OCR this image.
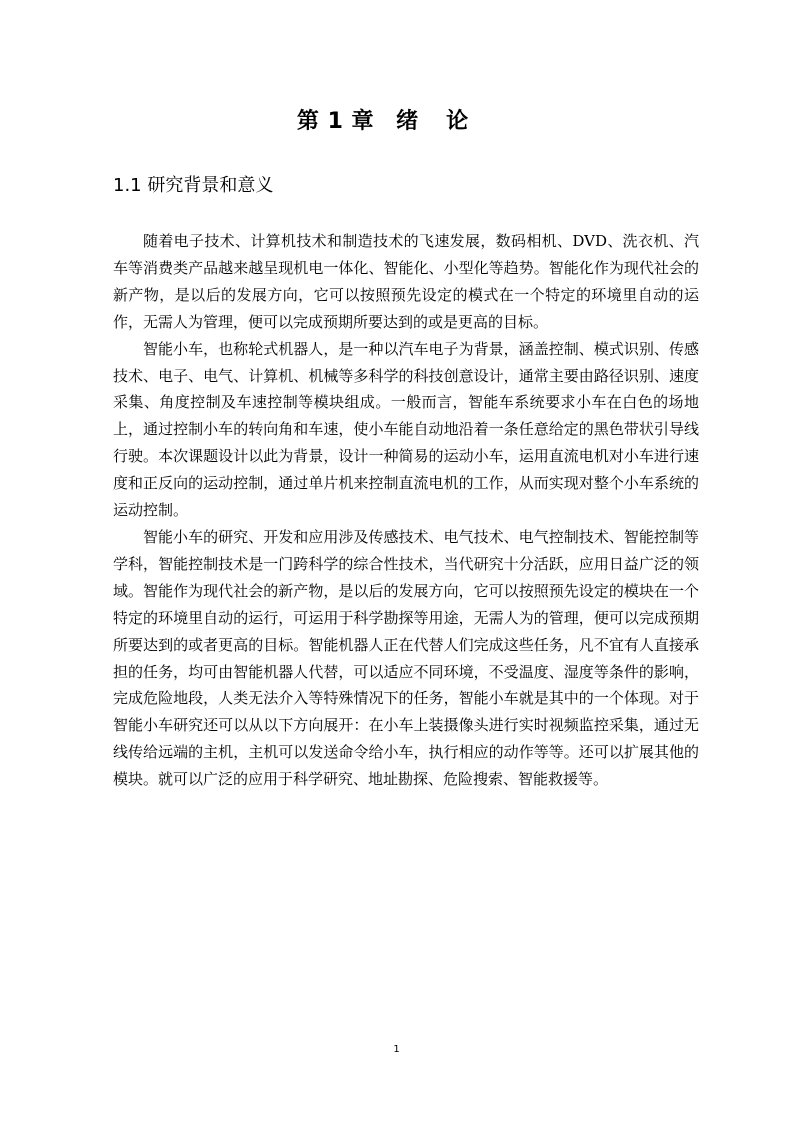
第 1 章 绪论
1.1 研究背景和意义

随着电子技术、计算机技术和制造技术的飞速发展，数码相机、DVD、洗衣机、汽车等消费类产品越来越呈现机电一体化、智能化、小型化等趋势。智能化作为现代社会的新产物，是以后的发展方向，它可以按照预先设定的模式在一个特定的环境里自动的运作，无需人为管理，便可以完成预期所要达到的或是更高的目标。

智能小车，也称轮式机器人，是一种以汽车电子为背景，涵盖控制、模式识别、传感技术、电子、电气、计算机、机械等多科学的科技创意设计，通常主要由路径识别、速度采集、角度控制及车速控制等模块组成。一般而言，智能车系统要求小车在白色的场地上，通过控制小车的转向角和车速，使小车能自动地沿着一条任意给定的黑色带状引导线行驶。本次课题设计以此为背景，设计一种简易的运动小车，运用直流电机对小车进行速度和正反向的运动控制，通过单片机来控制直流电机的工作，从而实现对整个小车系统的运动控制。

智能小车的研究、开发和应用涉及传感技术、电气技术、电气控制技术、智能控制等学科，智能控制技术是一门跨科学的综合性技术，当代研究十分活跃，应用日益广泛的领域。智能作为现代社会的新产物，是以后的发展方向，它可以按照预先设定的模块在一个特定的环境里自动的运行，可运用于科学勘探等用途，无需人为的管理，便可以完成预期所要达到的或者更高的目标。智能机器人正在代替人们完成这些任务，凡不宜有人直接承担的任务，均可由智能机器人代替，可以适应不同环境，不受温度、湿度等条件的影响，完成危险地段，人类无法介入等特殊情况下的任务，智能小车就是其中的一个体现。对于智能小车研究还可以从以下方向展开：在小车上装摄像头进行实时视频监控采集，通过无线传给远端的主机，主机可以发送命令给小车，执行相应的动作等等。还可以扩展其他的模块。就可以广泛的应用于科学研究、地址勘探、危险搜索、智能救援等。

1
